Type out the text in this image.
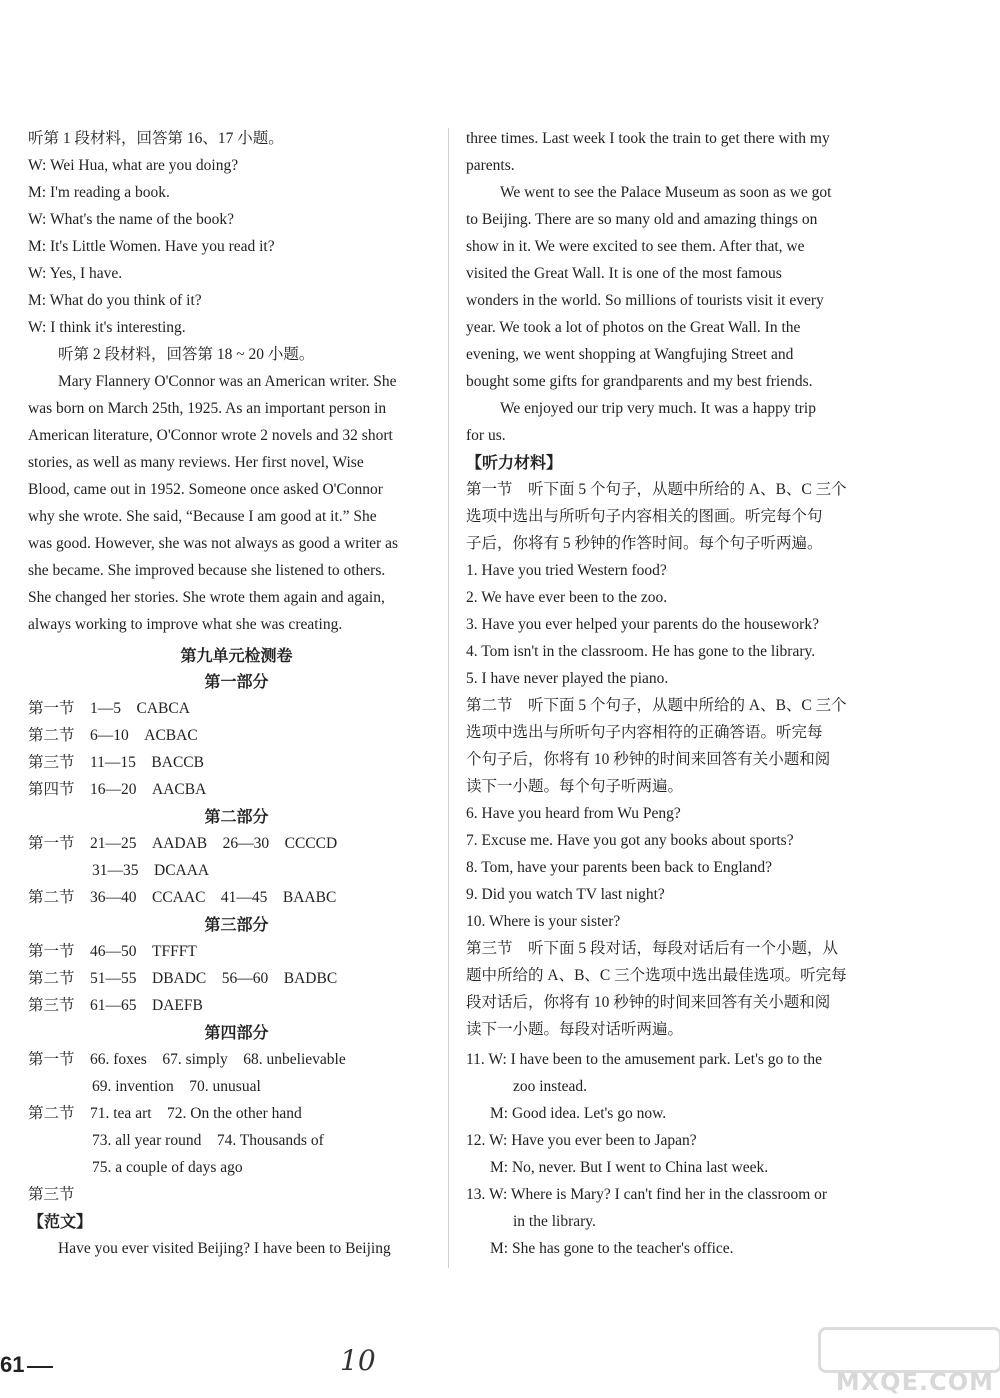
听第 1 段材料，回答第 16、17 小题。
W: Wei Hua, what are you doing?
M: I'm reading a book.
W: What's the name of the book?
M: It's Little Women. Have you read it?
W: Yes, I have.
M: What do you think of it?
W: I think it's interesting.
听第 2 段材料，回答第 18 ~ 20 小题。
Mary Flannery O'Connor was an American writer. She
was born on March 25th, 1925. As an important person in
American literature, O'Connor wrote 2 novels and 32 short
stories, as well as many reviews. Her first novel, Wise
Blood, came out in 1952. Someone once asked O'Connor
why she wrote. She said, “Because I am good at it.” She
was good. However, she was not always as good a writer as
she became. She improved because she listened to others.
She changed her stories. She wrote them again and again,
always working to improve what she was creating.
第九单元检测卷
第一部分
第一节　1—5　CABCA
第二节　6—10　ACBAC
第三节　11—15　BACCB
第四节　16—20　AACBA
第二部分
第一节　21—25　AADAB　26—30　CCCCD
31—35　DCAAA
第二节　36—40　CCAAC　41—45　BAABC
第三部分
第一节　46—50　TFFFT
第二节　51—55　DBADC　56—60　BADBC
第三节　61—65　DAEFB
第四部分
第一节　66. foxes　67. simply　68. unbelievable
69. invention　70. unusual
第二节　71. tea art　72. On the other hand
73. all year round　74. Thousands of
75. a couple of days ago
第三节
【范文】
Have you ever visited Beijing? I have been to Beijing
three times. Last week I took the train to get there with my
parents.
We went to see the Palace Museum as soon as we got
to Beijing. There are so many old and amazing things on
show in it. We were excited to see them. After that, we
visited the Great Wall. It is one of the most famous
wonders in the world. So millions of tourists visit it every
year. We took a lot of photos on the Great Wall. In the
evening, we went shopping at Wangfujing Street and
bought some gifts for grandparents and my best friends.
We enjoyed our trip very much. It was a happy trip
for us.
【听力材料】
第一节　听下面 5 个句子，从题中所给的 A、B、C 三个
选项中选出与所听句子内容相关的图画。听完每个句
子后，你将有 5 秒钟的作答时间。每个句子听两遍。
1. Have you tried Western food?
2. We have ever been to the zoo.
3. Have you ever helped your parents do the housework?
4. Tom isn't in the classroom. He has gone to the library.
5. I have never played the piano.
第二节　听下面 5 个句子，从题中所给的 A、B、C 三个
选项中选出与所听句子内容相符的正确答语。听完每
个句子后，你将有 10 秒钟的时间来回答有关小题和阅
读下一小题。每个句子听两遍。
6. Have you heard from Wu Peng?
7. Excuse me. Have you got any books about sports?
8. Tom, have your parents been back to England?
9. Did you watch TV last night?
10. Where is your sister?
第三节　听下面 5 段对话，每段对话后有一个小题，从
题中所给的 A、B、C 三个选项中选出最佳选项。听完每
段对话后，你将有 10 秒钟的时间来回答有关小题和阅
读下一小题。每段对话听两遍。
11. W: I have been to the amusement park. Let's go to the
zoo instead.
M: Good idea. Let's go now.
12. W: Have you ever been to Japan?
M: No, never. But I went to China last week.
13. W: Where is Mary? I can't find her in the classroom or
in the library.
M: She has gone to the teacher's office.
61	10
MXQE.COM
